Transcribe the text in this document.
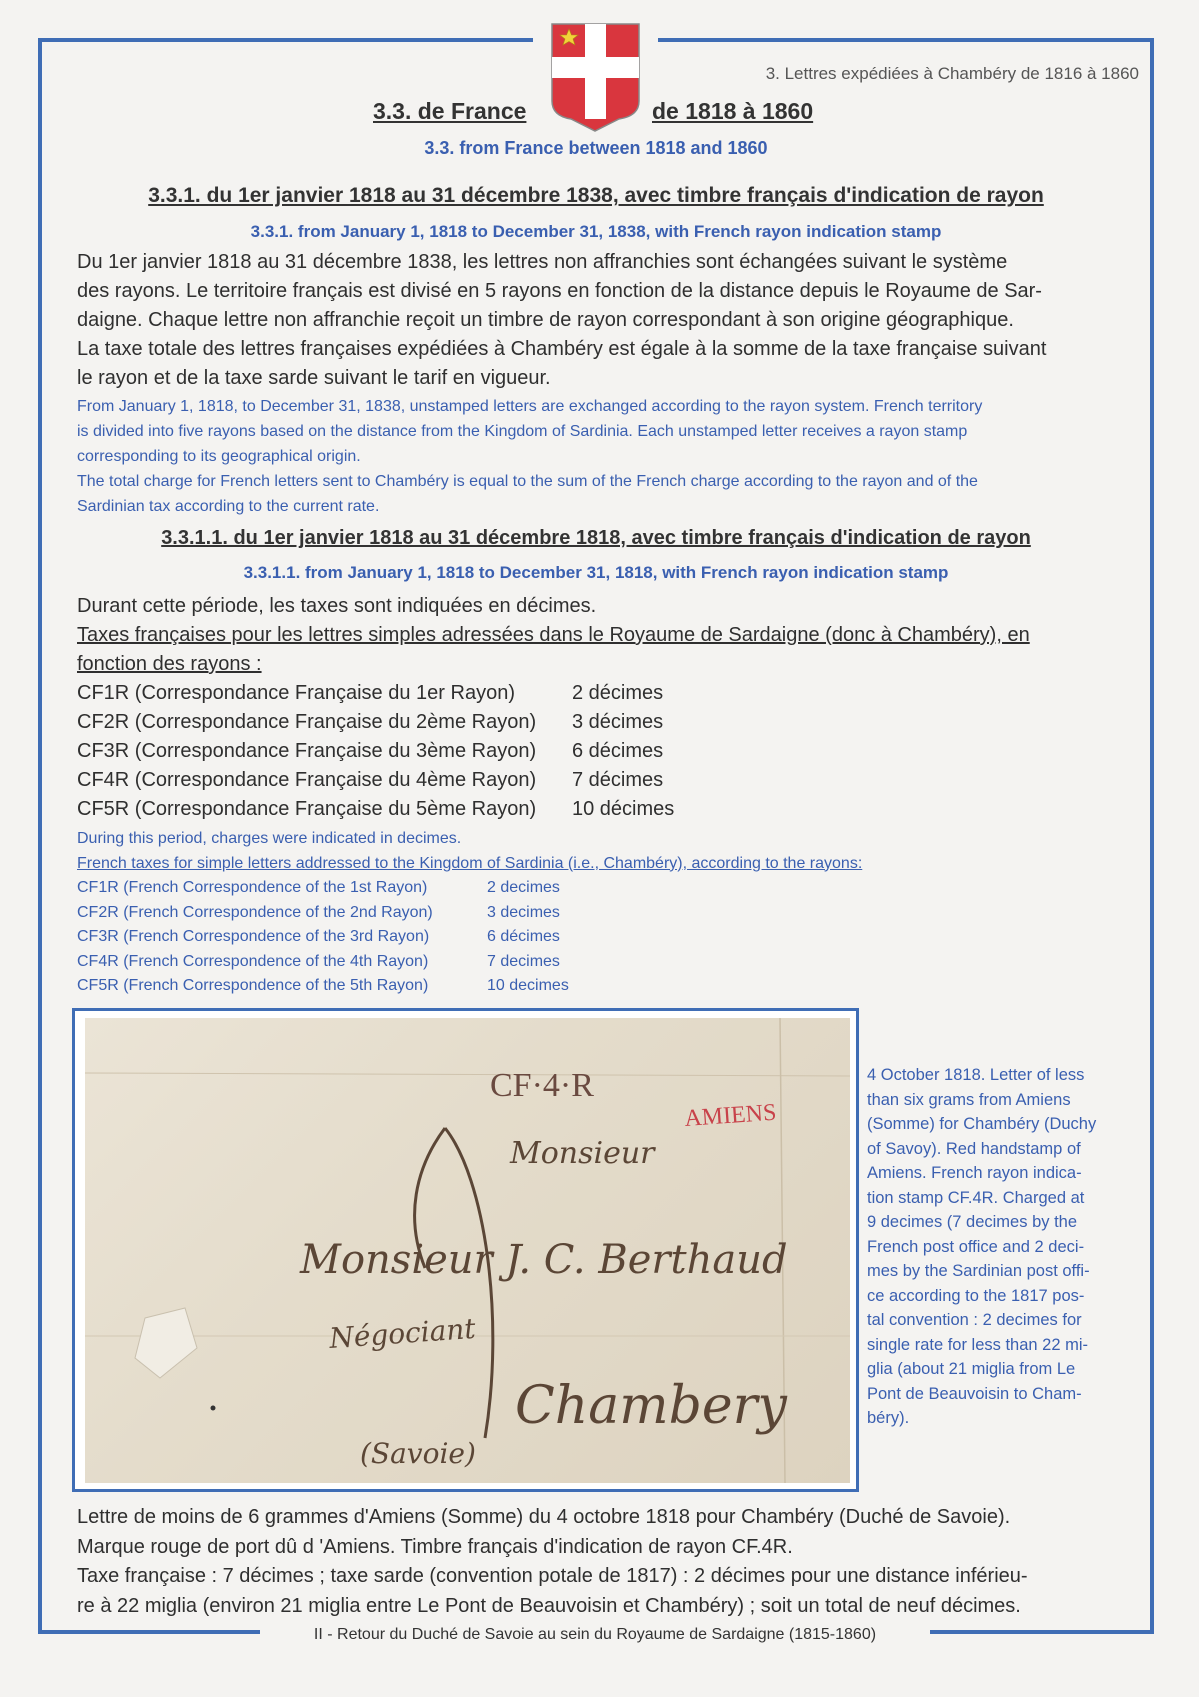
3. Lettres expédiées à Chambéry de 1816 à 1860
3.3. de France	de 1818 à 1860
3.3. from France between 1818 and 1860
3.3.1. du 1er janvier 1818 au 31 décembre 1838, avec timbre français d'indication de rayon
3.3.1. from January 1, 1818 to December 31, 1838, with French rayon indication stamp
Du 1er janvier 1818 au 31 décembre 1838, les lettres non affranchies sont échangées suivant le système
des rayons. Le territoire français est divisé en 5 rayons en fonction de la distance depuis le Royaume de Sar-
daigne. Chaque lettre non affranchie reçoit un timbre de rayon correspondant à son origine géographique.
La taxe totale des lettres françaises expédiées à Chambéry est égale à la somme de la taxe française suivant
le rayon et de la taxe sarde suivant le tarif en vigueur.
From January 1, 1818, to December 31, 1838, unstamped letters are exchanged according to the rayon system. French territory
is divided into five rayons based on the distance from the Kingdom of Sardinia. Each unstamped letter receives a rayon stamp
corresponding to its geographical origin.
The total charge for French letters sent to Chambéry is equal to the sum of the French charge according to the rayon and of the
Sardinian tax according to the current rate.
3.3.1.1. du 1er janvier 1818 au 31 décembre 1818, avec timbre français d'indication de rayon
3.3.1.1. from January 1, 1818 to December 31, 1818, with French rayon indication stamp
Durant cette période, les taxes sont indiquées en décimes.
Taxes françaises pour les lettres simples adressées dans le Royaume de Sardaigne (donc à Chambéry), en
fonction des rayons :
CF1R (Correspondance Française du 1er Rayon)	2 décimes
CF2R (Correspondance Française du 2ème Rayon)	3 décimes
CF3R (Correspondance Française du 3ème Rayon)	6 décimes
CF4R (Correspondance Française du 4ème Rayon)	7 décimes
CF5R (Correspondance Française du 5ème Rayon)	10 décimes
During this period, charges were indicated in decimes.
French taxes for simple letters addressed to the Kingdom of Sardinia (i.e., Chambéry), according to the rayons:
CF1R (French Correspondence of the 1st Rayon)	2 decimes
CF2R (French Correspondence of the 2nd Rayon)	3 decimes
CF3R (French Correspondence of the 3rd Rayon)	6 décimes
CF4R (French Correspondence of the 4th Rayon)	7 decimes
CF5R (French Correspondence of the 5th Rayon)	10 decimes
CF·4·R
AMIENS
Monsieur
Monsieur J. C. Berthaud
Négociant
Chambery
(Savoie)
4 October 1818. Letter of less
than six grams from Amiens
(Somme) for Chambéry (Duchy
of Savoy). Red handstamp of
Amiens. French rayon indica-
tion stamp CF.4R. Charged at
9 decimes (7 decimes by the
French post office and 2 deci-
mes by the Sardinian post offi-
ce according to the 1817 pos-
tal convention : 2 decimes for
single rate for less than 22 mi-
glia (about 21 miglia from Le
Pont de Beauvoisin to Cham-
béry).
Lettre de moins de 6 grammes d'Amiens (Somme) du 4 octobre 1818 pour Chambéry (Duché de Savoie).
Marque rouge de port dû d 'Amiens. Timbre français d'indication de rayon CF.4R.
Taxe française : 7 décimes ; taxe sarde (convention potale de 1817) : 2 décimes pour une distance inférieu-
re à 22 miglia (environ 21 miglia entre Le Pont de Beauvoisin et Chambéry) ; soit un total de neuf décimes.
II - Retour du Duché de Savoie au sein du Royaume de Sardaigne (1815-1860)
